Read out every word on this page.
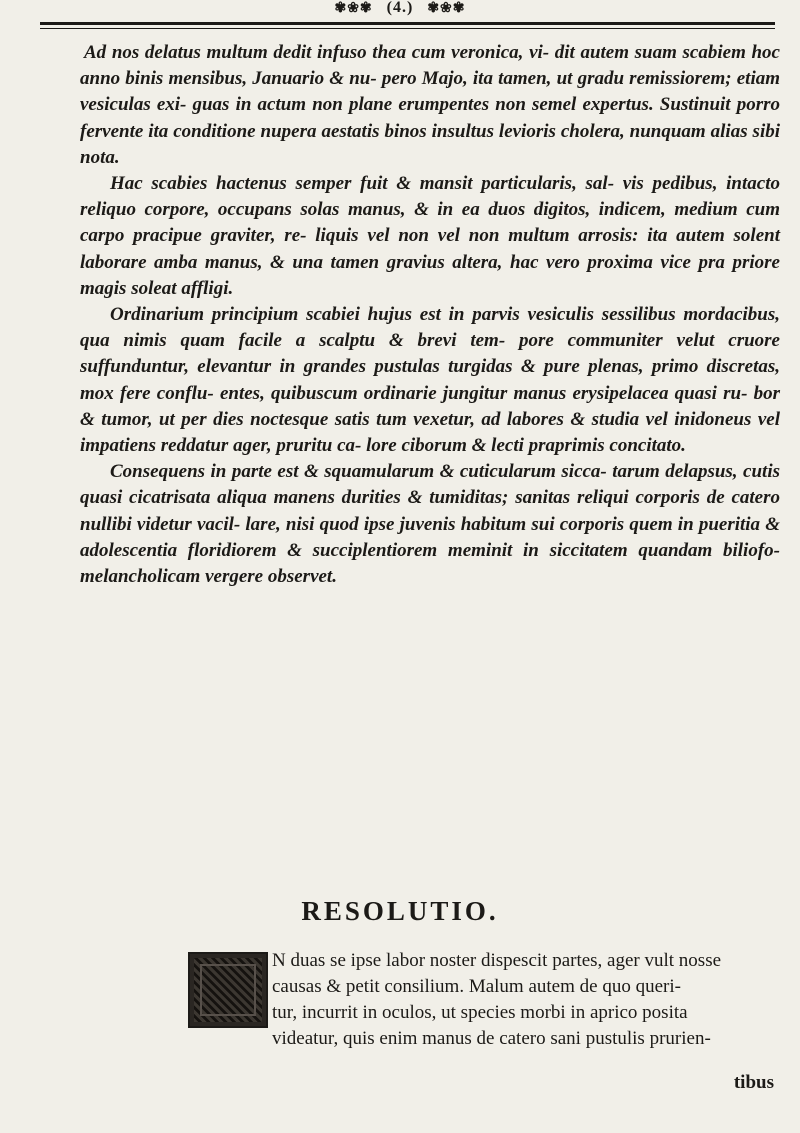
✾❀✾ (4.) ✾❀✾

Ad nos delatus multum dedit infuso thea cum veronica, vi- dit autem suam scabiem hoc anno binis mensibus, Januario & nu- pero Majo, ita tamen, ut gradu remissiorem; etiam vesiculas exi- guas in actum non plane erumpentes non semel expertus. Sustinuit porro fervente ita conditione nupera aestatis binos insultus levioris cholera, nunquam alias sibi nota.

Hac scabies hactenus semper fuit & mansit particularis, sal- vis pedibus, intacto reliquo corpore, occupans solas manus, & in ea duos digitos, indicem, medium cum carpo pracipue graviter, re- liquis vel non vel non multum arrosis: ita autem solent laborare amba manus, & una tamen gravius altera, hac vero proxima vice pra priore magis soleat affligi.

Ordinarium principium scabiei hujus est in parvis vesiculis sessilibus mordacibus, qua nimis quam facile a scalptu & brevi tem- pore communiter velut cruore suffunduntur, elevantur in grandes pustulas turgidas & pure plenas, primo discretas, mox fere conflu- entes, quibuscum ordinarie jungitur manus erysipelacea quasi ru- bor & tumor, ut per dies noctesque satis tum vexetur, ad labores & studia vel inidoneus vel impatiens reddatur ager, pruritu ca- lore ciborum & lecti praprimis concitato.

Consequens in parte est & squamularum & cuticularum sicca- tarum delapsus, cutis quasi cicatrisata aliqua manens durities & tumiditas; sanitas reliqui corporis de catero nullibi videtur vacil- lare, nisi quod ipse juvenis habitum sui corporis quem in pueritia & adolescentia floridiorem & succiplentiorem meminit in siccitatem quandam biliofo-melancholicam vergere observet.

RESOLUTIO.
N duas se ipse labor noster dispescit partes, ager vult nosse
causas & petit consilium. Malum autem de quo queri-
tur, incurrit in oculos, ut species morbi in aprico posita
videatur, quis enim manus de catero sani pustulis prurien-
tibus
